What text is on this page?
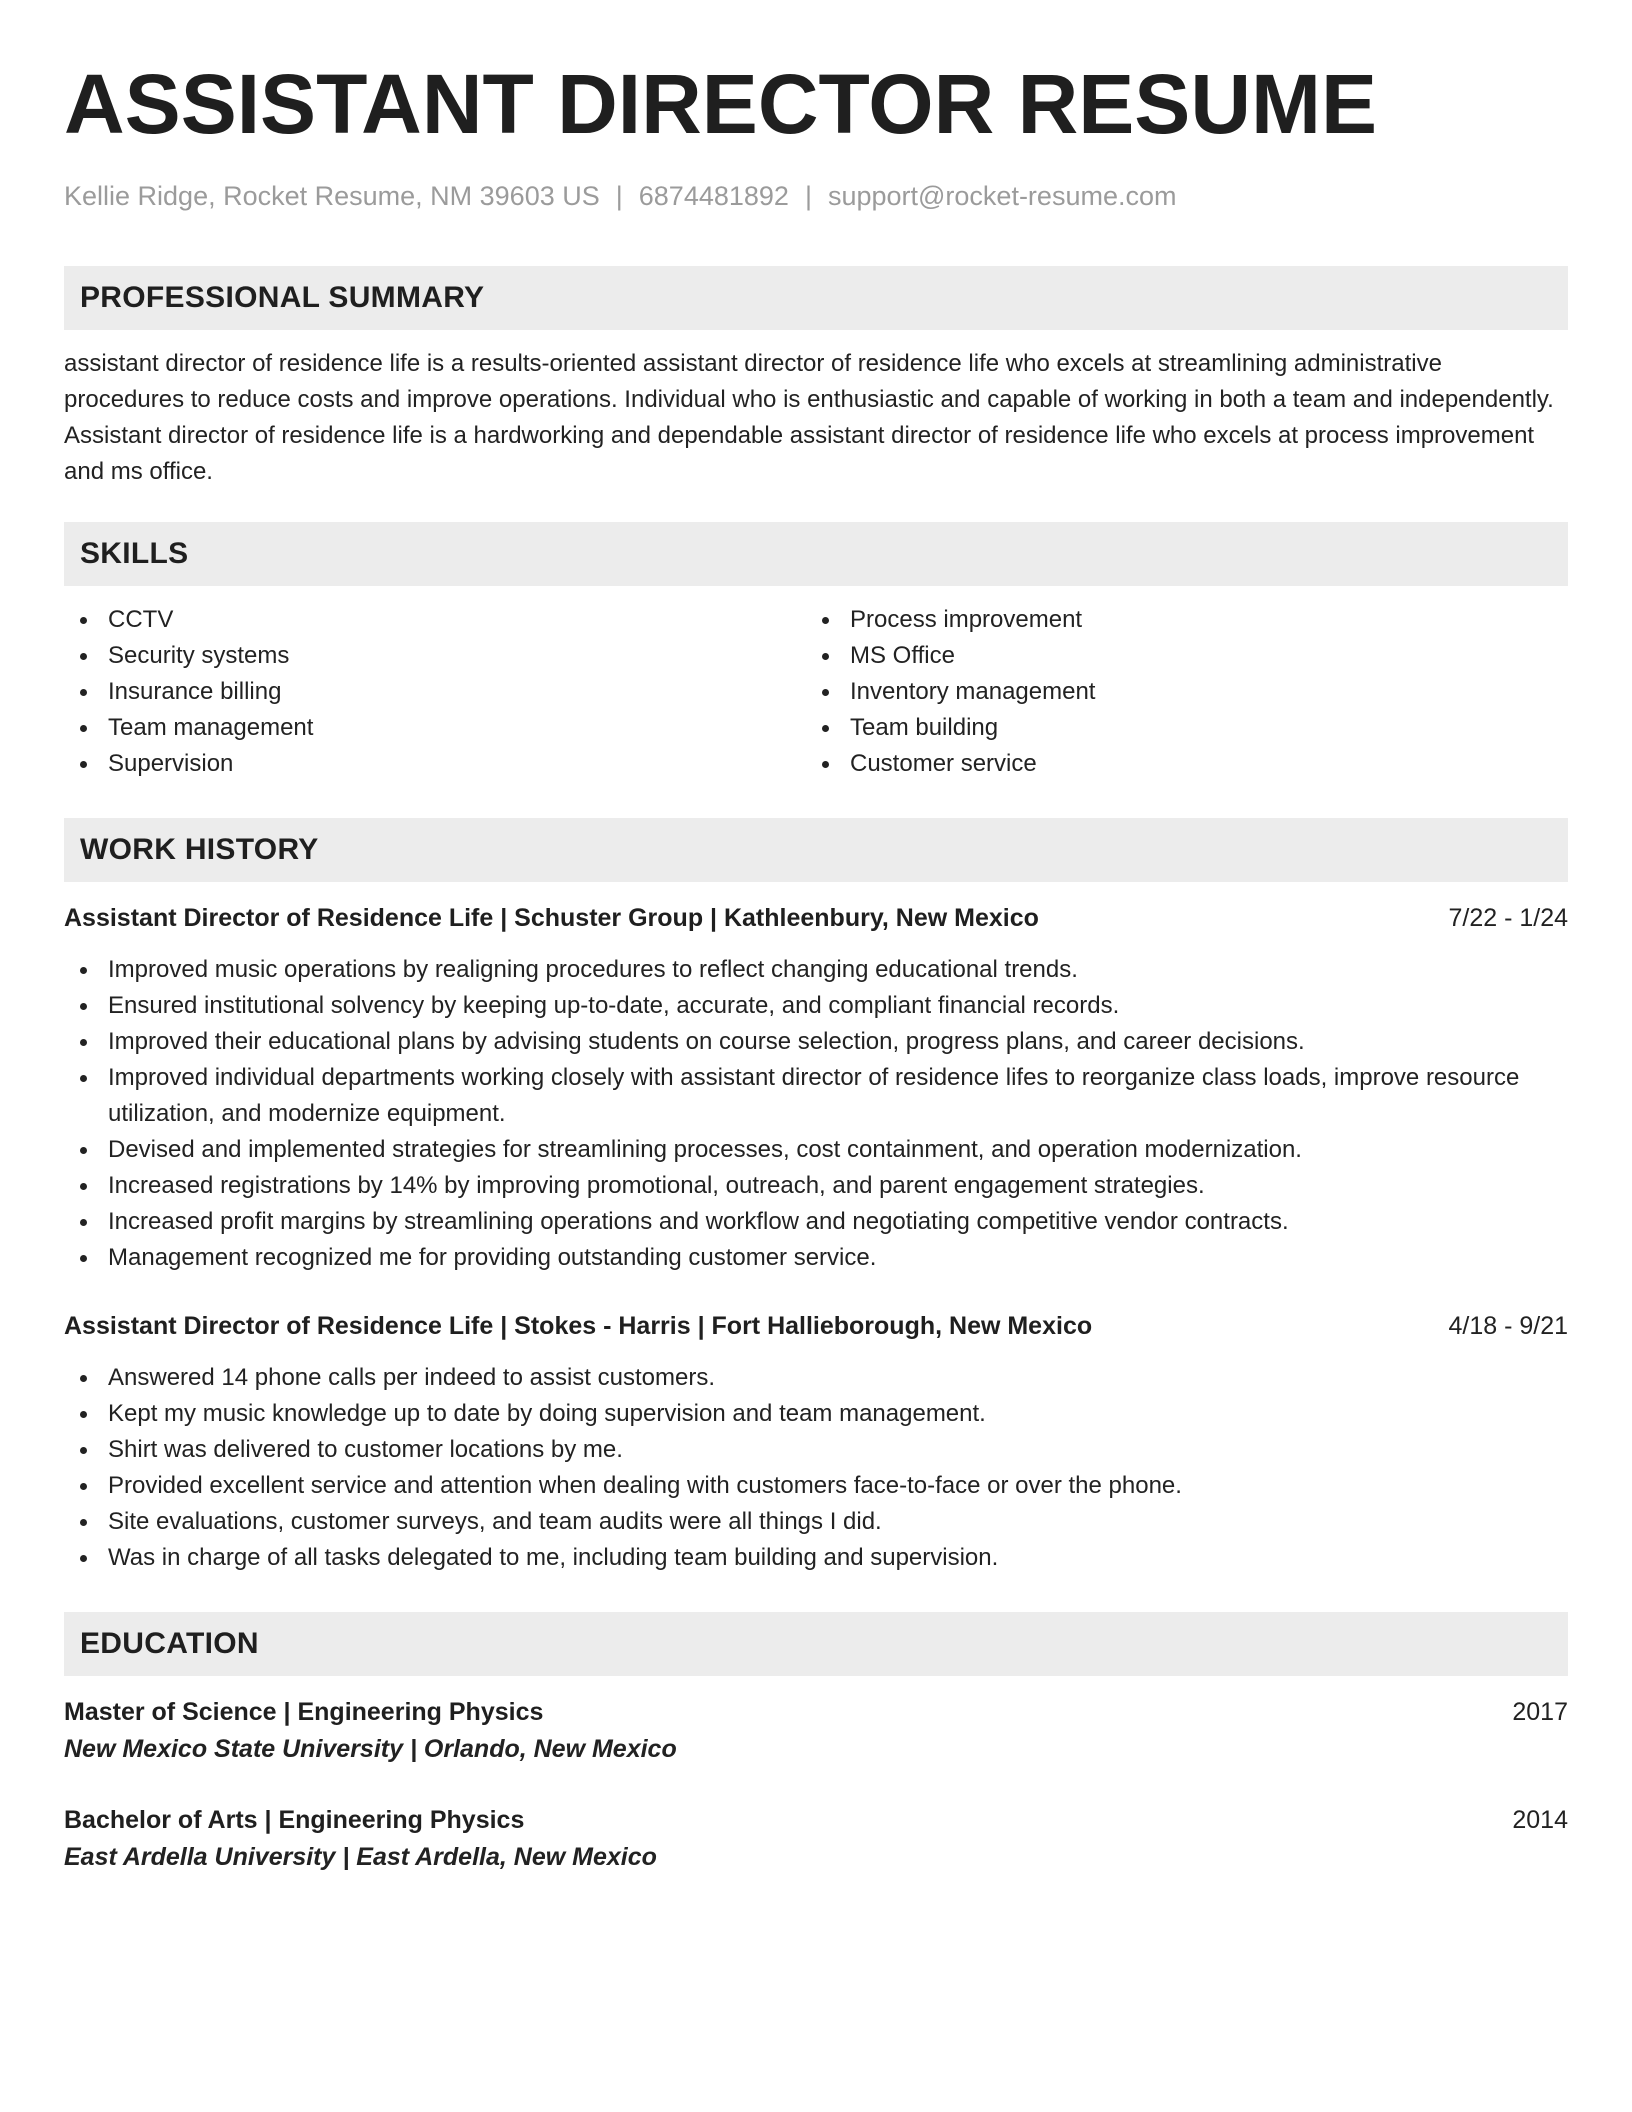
ASSISTANT DIRECTOR RESUME
Kellie Ridge, Rocket Resume, NM 39603 US | 6874481892 | support@rocket-resume.com
PROFESSIONAL SUMMARY
assistant director of residence life is a results-oriented assistant director of residence life who excels at streamlining administrative procedures to reduce costs and improve operations. Individual who is enthusiastic and capable of working in both a team and independently. Assistant director of residence life is a hardworking and dependable assistant director of residence life who excels at process improvement and ms office.
SKILLS
CCTV
Security systems
Insurance billing
Team management
Supervision
Process improvement
MS Office
Inventory management
Team building
Customer service
WORK HISTORY
Assistant Director of Residence Life | Schuster Group | Kathleenbury, New Mexico	7/22 - 1/24
Improved music operations by realigning procedures to reflect changing educational trends.
Ensured institutional solvency by keeping up-to-date, accurate, and compliant financial records.
Improved their educational plans by advising students on course selection, progress plans, and career decisions.
Improved individual departments working closely with assistant director of residence lifes to reorganize class loads, improve resource utilization, and modernize equipment.
Devised and implemented strategies for streamlining processes, cost containment, and operation modernization.
Increased registrations by 14% by improving promotional, outreach, and parent engagement strategies.
Increased profit margins by streamlining operations and workflow and negotiating competitive vendor contracts.
Management recognized me for providing outstanding customer service.
Assistant Director of Residence Life | Stokes - Harris | Fort Hallieborough, New Mexico	4/18 - 9/21
Answered 14 phone calls per indeed to assist customers.
Kept my music knowledge up to date by doing supervision and team management.
Shirt was delivered to customer locations by me.
Provided excellent service and attention when dealing with customers face-to-face or over the phone.
Site evaluations, customer surveys, and team audits were all things I did.
Was in charge of all tasks delegated to me, including team building and supervision.
EDUCATION
Master of Science | Engineering Physics	2017
New Mexico State University | Orlando, New Mexico
Bachelor of Arts | Engineering Physics	2014
East Ardella University | East Ardella, New Mexico
